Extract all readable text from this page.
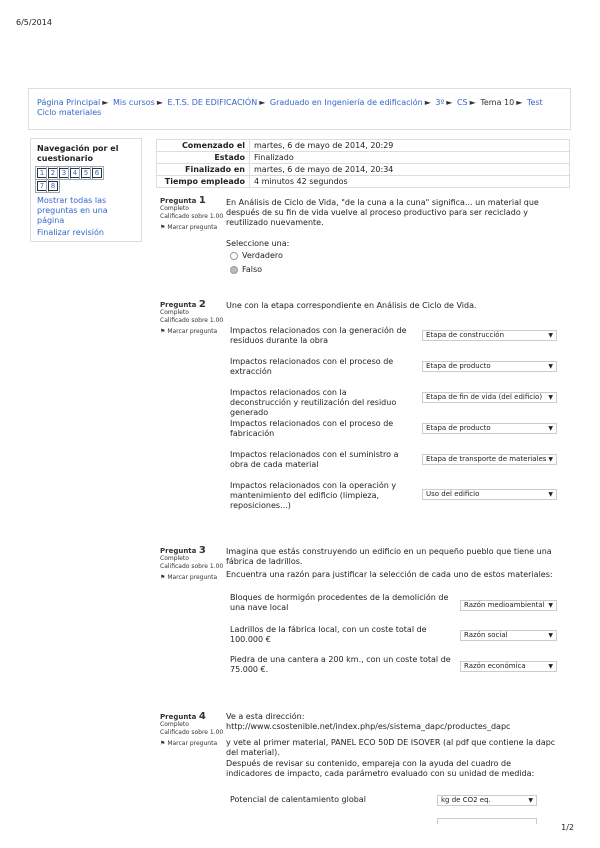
6/5/2014
Página Principal ► Mis cursos ► E.T.S. DE EDIFICACIÓN ► Graduado en Ingeniería de edificación ► 3º ► CS ► Tema 10 ► Test Ciclo materiales
Navegación por el cuestionario
1 2 3 4 5 6
7 8
Mostrar todas las preguntas en una página
Finalizar revisión
Comenzado el	martes, 6 de mayo de 2014, 20:29
Estado	Finalizado
Finalizado en	martes, 6 de mayo de 2014, 20:34
Tiempo empleado	4 minutos 42 segundos
Pregunta 1
Completo
Calificado sobre 1.00
⚑ Marcar pregunta
En Análisis de Ciclo de Vida, "de la cuna a la cuna" significa... un material que después de su fin de vida vuelve al proceso productivo para ser reciclado y reutilizado nuevamente.
Seleccione una:
Verdadero
Falso
Pregunta 2
Completo
Calificado sobre 1.00
⚑ Marcar pregunta
Une con la etapa correspondiente en Análisis de Ciclo de Vida.
Impactos relacionados con la generación de residuos durante la obra
Etapa de construcción	▼
Impactos relacionados con el proceso de extracción
Etapa de producto	▼
Impactos relacionados con la deconstrucción y reutilización del residuo generado
Etapa de fin de vida (del edificio) ▼
Impactos relacionados con el proceso de fabricación
Etapa de producto	▼
Impactos relacionados con el suministro a obra de cada material
Etapa de transporte de materiales ▼
Impactos relacionados con la operación y mantenimiento del edificio (limpieza, reposiciones...)
Uso del edificio	▼
Pregunta 3
Completo
Calificado sobre 1.00
⚑ Marcar pregunta
Imagina que estás construyendo un edificio en un pequeño pueblo que tiene una fábrica de ladrillos.
Encuentra una razón para justificar la selección de cada uno de estos materiales:
Bloques de hormigón procedentes de la demolición de una nave local	Razón medioambiental ▼
Ladrillos de la fábrica local, con un coste total de 100.000 €	Razón social	▼
Piedra de una cantera a 200 km., con un coste total de 75.000 €.	Razón económica	▼
Pregunta 4
Completo
Calificado sobre 1.00
⚑ Marcar pregunta
Ve a esta dirección:
http://www.csostenible.net/index.php/es/sistema_dapc/productes_dapc
y vete al primer material, PANEL ECO 50D DE ISOVER (al pdf que contiene la dapc del material).
Después de revisar su contenido, empareja con la ayuda del cuadro de indicadores de impacto, cada parámetro evaluado con su unidad de medida:
Potencial de calentamiento global	kg de CO2 eq.	▼
1/2
